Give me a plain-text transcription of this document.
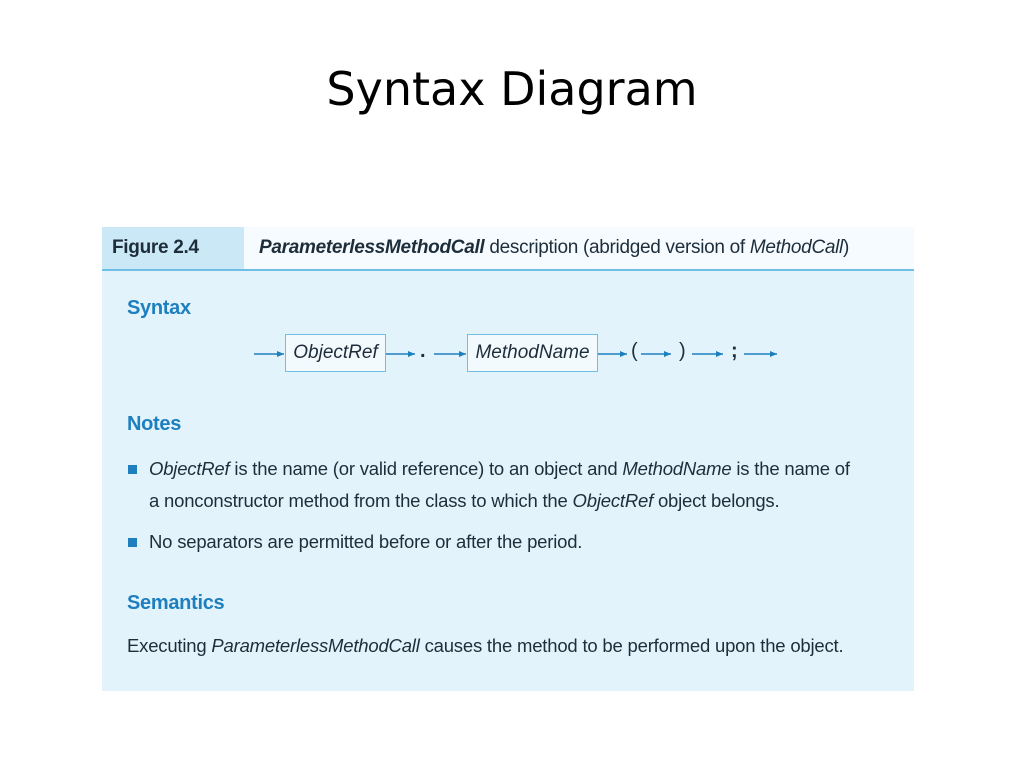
Syntax Diagram
Figure 2.4	ParameterlessMethodCall description (abridged version of MethodCall)
Syntax
ObjectRef	.	MethodName	( ) ;
Notes
ObjectRef is the name (or valid reference) to an object and MethodName is the name of
a nonconstructor method from the class to which the ObjectRef object belongs.
No separators are permitted before or after the period.
Semantics
Executing ParameterlessMethodCall causes the method to be performed upon the object.
